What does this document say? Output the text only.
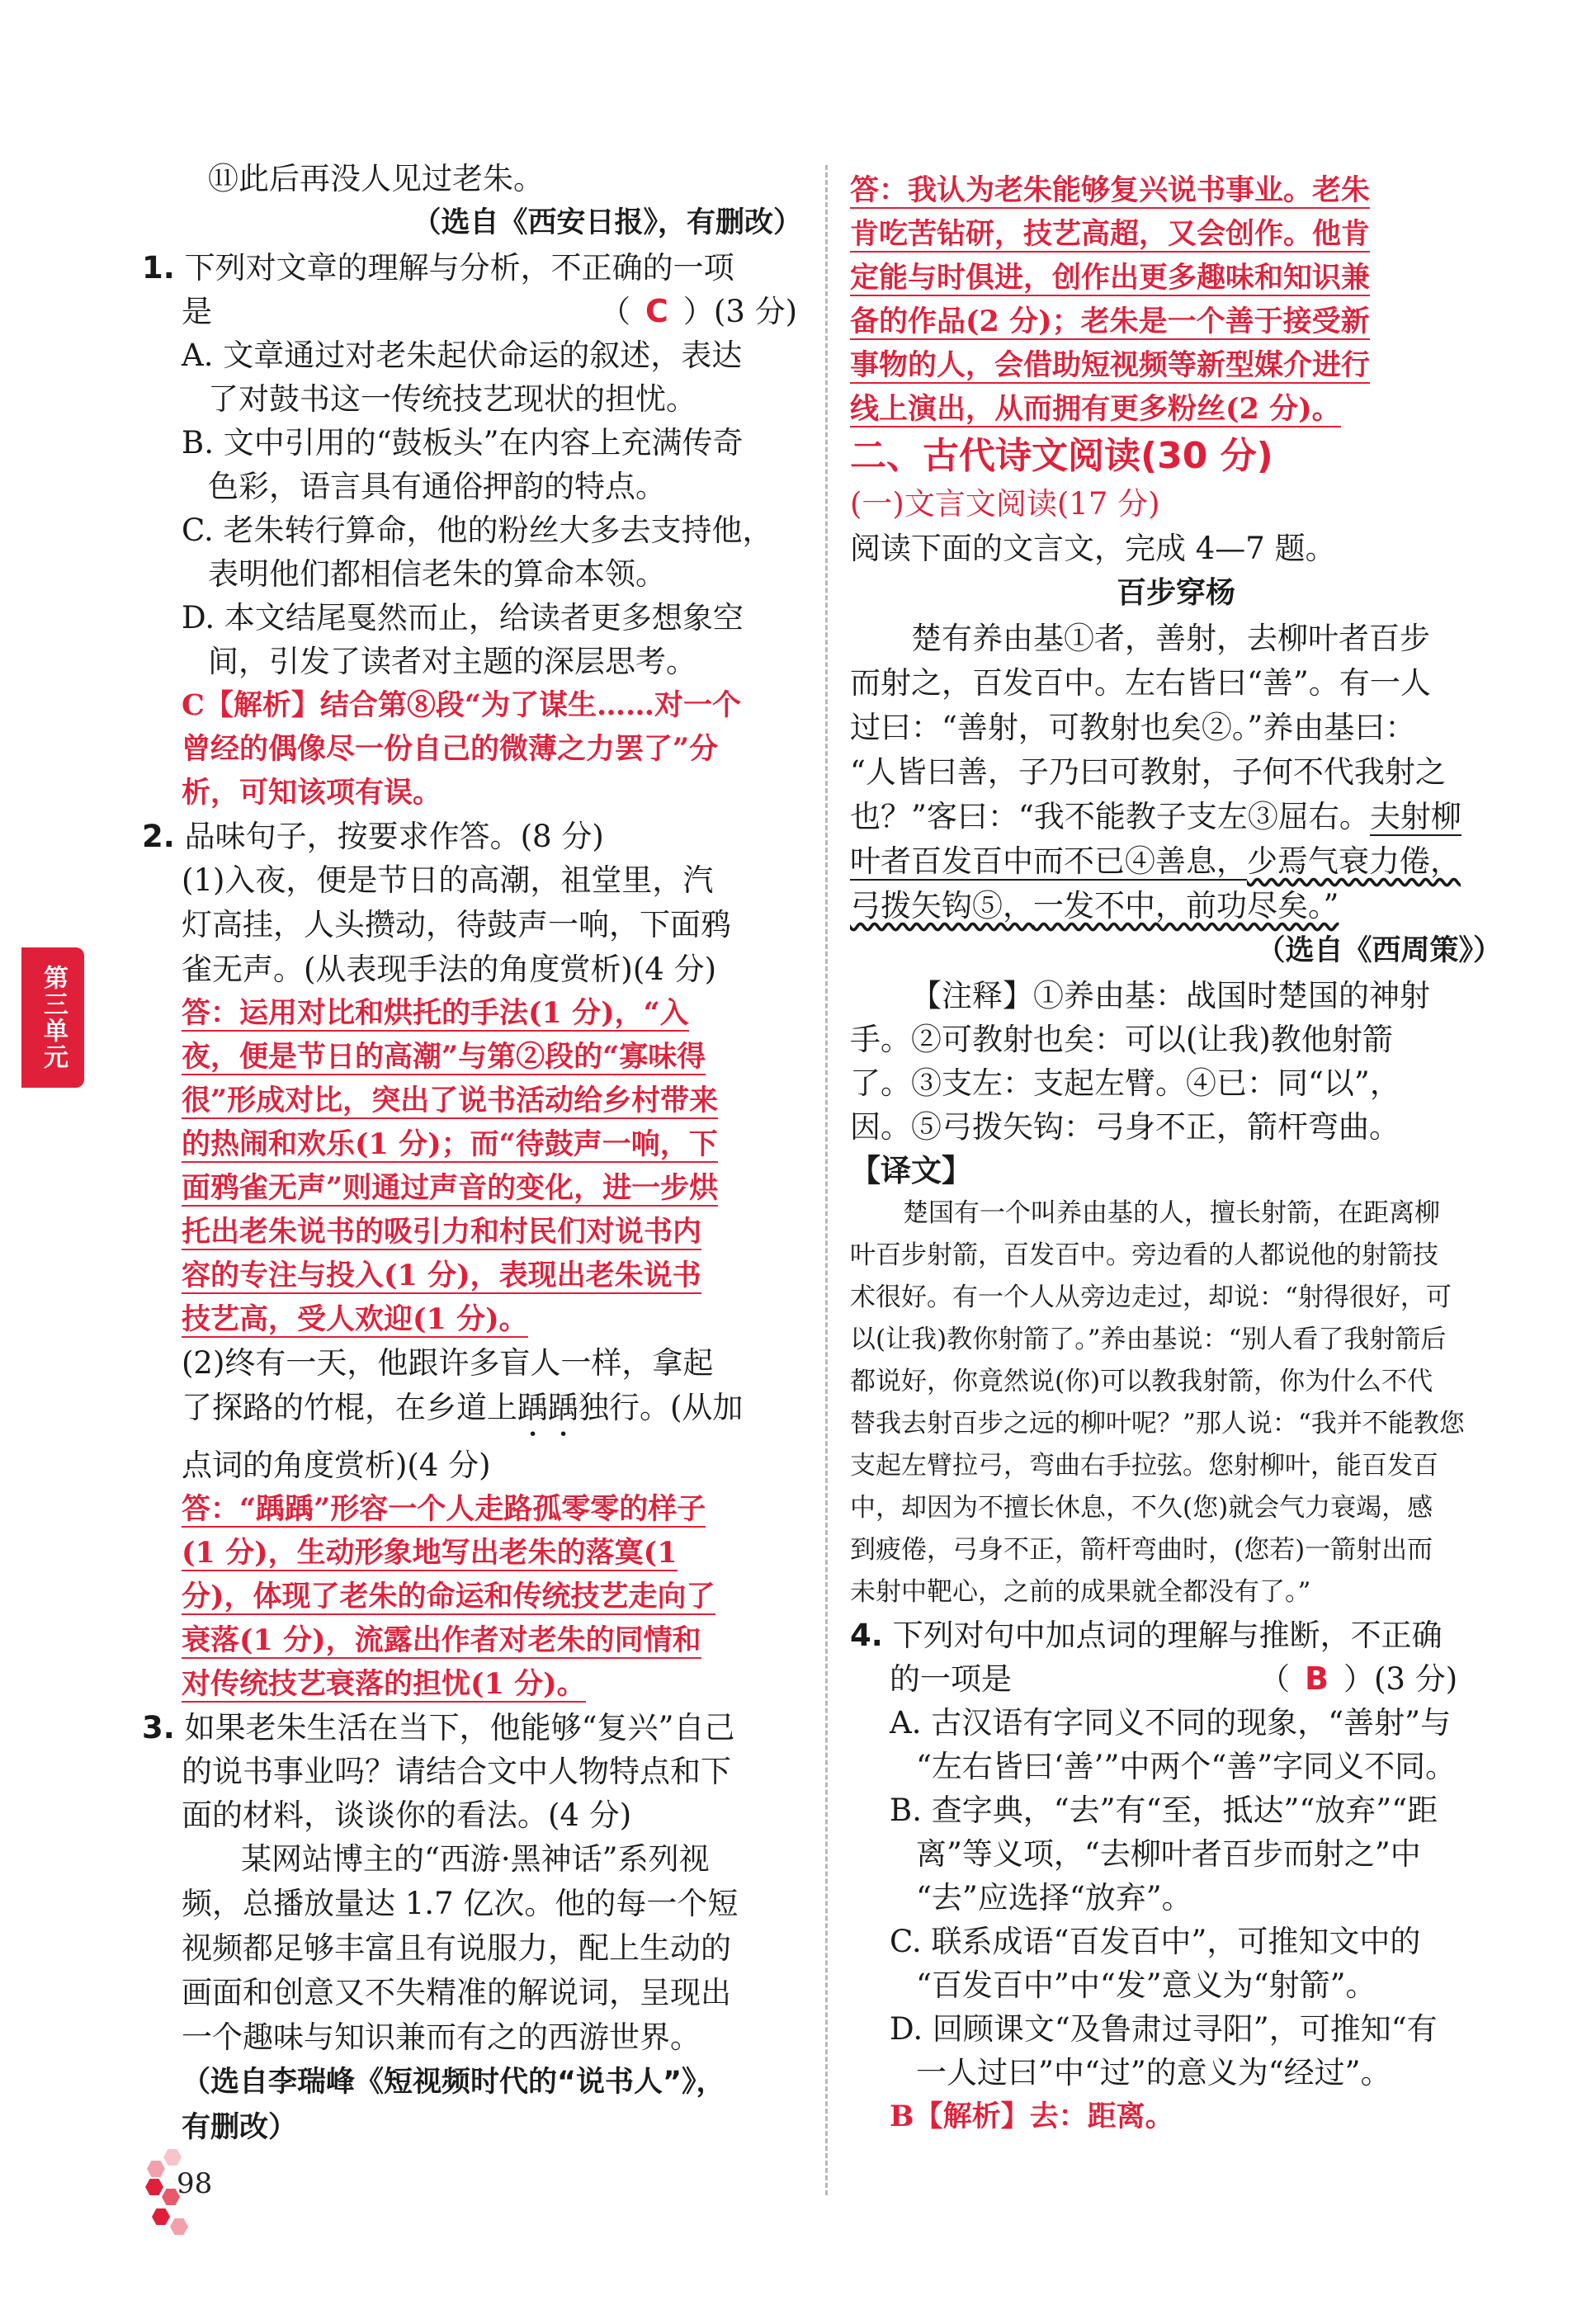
第三单元
⑪此后再没人见过老朱。
（选自《西安日报》，有删改）
1. 下列对文章的理解与分析，不正确的一项
是	（ C ）(3 分)
A. 文章通过对老朱起伏命运的叙述，表达
了对鼓书这一传统技艺现状的担忧。
B. 文中引用的“鼓板头”在内容上充满传奇
色彩，语言具有通俗押韵的特点。
C. 老朱转行算命，他的粉丝大多去支持他，
表明他们都相信老朱的算命本领。
D. 本文结尾戛然而止，给读者更多想象空
间，引发了读者对主题的深层思考。
C【解析】结合第⑧段“为了谋生……对一个
曾经的偶像尽一份自己的微薄之力罢了”分
析，可知该项有误。
2. 品味句子，按要求作答。(8 分)
(1)入夜，便是节日的高潮，祖堂里，汽
灯高挂，人头攒动，待鼓声一响，下面鸦
雀无声。(从表现手法的角度赏析)(4 分)
答：运用对比和烘托的手法(1 分)，“入
夜，便是节日的高潮”与第②段的“寡味得
很”形成对比，突出了说书活动给乡村带来
的热闹和欢乐(1 分)；而“待鼓声一响，下
面鸦雀无声”则通过声音的变化，进一步烘
托出老朱说书的吸引力和村民们对说书内
容的专注与投入(1 分)，表现出老朱说书
技艺高，受人欢迎(1 分)。
(2)终有一天，他跟许多盲人一样，拿起
了探路的竹棍，在乡道上踽踽独行。(从加
点词的角度赏析)(4 分)
答：“踽踽”形容一个人走路孤零零的样子
(1 分)，生动形象地写出老朱的落寞(1
分)，体现了老朱的命运和传统技艺走向了
衰落(1 分)，流露出作者对老朱的同情和
对传统技艺衰落的担忧(1 分)。
3. 如果老朱生活在当下，他能够“复兴”自己
的说书事业吗？请结合文中人物特点和下
面的材料，谈谈你的看法。(4 分)
某网站博主的“西游·黑神话”系列视
频，总播放量达 1.7 亿次。他的每一个短
视频都足够丰富且有说服力，配上生动的
画面和创意又不失精准的解说词，呈现出
一个趣味与知识兼而有之的西游世界。
（选自李瑞峰《短视频时代的“说书人”》，
有删改）
答：我认为老朱能够复兴说书事业。老朱
肯吃苦钻研，技艺高超，又会创作。他肯
定能与时俱进，创作出更多趣味和知识兼
备的作品(2 分)；老朱是一个善于接受新
事物的人，会借助短视频等新型媒介进行
线上演出，从而拥有更多粉丝(2 分)。
二、古代诗文阅读(30 分)
(一)文言文阅读(17 分)
阅读下面的文言文，完成 4—7 题。
百步穿杨
楚有养由基①者，善射，去柳叶者百步
而射之，百发百中。左右皆曰“善”。有一人
过曰：“善射，可教射也矣②。”养由基曰：
“人皆曰善，子乃曰可教射，子何不代我射之
也？”客曰：“我不能教子支左③屈右。夫射柳
叶者百发百中而不已④善息，少焉气衰力倦，
弓拨矢钩⑤，一发不中，前功尽矣。”
（选自《西周策》）
【注释】①养由基：战国时楚国的神射
手。②可教射也矣：可以(让我)教他射箭
了。③支左：支起左臂。④已：同“以”，
因。⑤弓拨矢钩：弓身不正，箭杆弯曲。
【译文】
楚国有一个叫养由基的人，擅长射箭，在距离柳
叶百步射箭，百发百中。旁边看的人都说他的射箭技
术很好。有一个人从旁边走过，却说：“射得很好，可
以(让我)教你射箭了。”养由基说：“别人看了我射箭后
都说好，你竟然说(你)可以教我射箭，你为什么不代
替我去射百步之远的柳叶呢？”那人说：“我并不能教您
支起左臂拉弓，弯曲右手拉弦。您射柳叶，能百发百
中，却因为不擅长休息，不久(您)就会气力衰竭，感
到疲倦，弓身不正，箭杆弯曲时，(您若)一箭射出而
未射中靶心，之前的成果就全都没有了。”
4. 下列对句中加点词的理解与推断，不正确
的一项是	（ B ）(3 分)
A. 古汉语有字同义不同的现象，“善射”与
“左右皆曰‘善’”中两个“善”字同义不同。
B. 查字典，“去”有“至，抵达”“放弃”“距
离”等义项，“去柳叶者百步而射之”中
“去”应选择“放弃”。
C. 联系成语“百发百中”，可推知文中的
“百发百中”中“发”意义为“射箭”。
D. 回顾课文“及鲁肃过寻阳”，可推知“有
一人过曰”中“过”的意义为“经过”。
B【解析】去：距离。
98
